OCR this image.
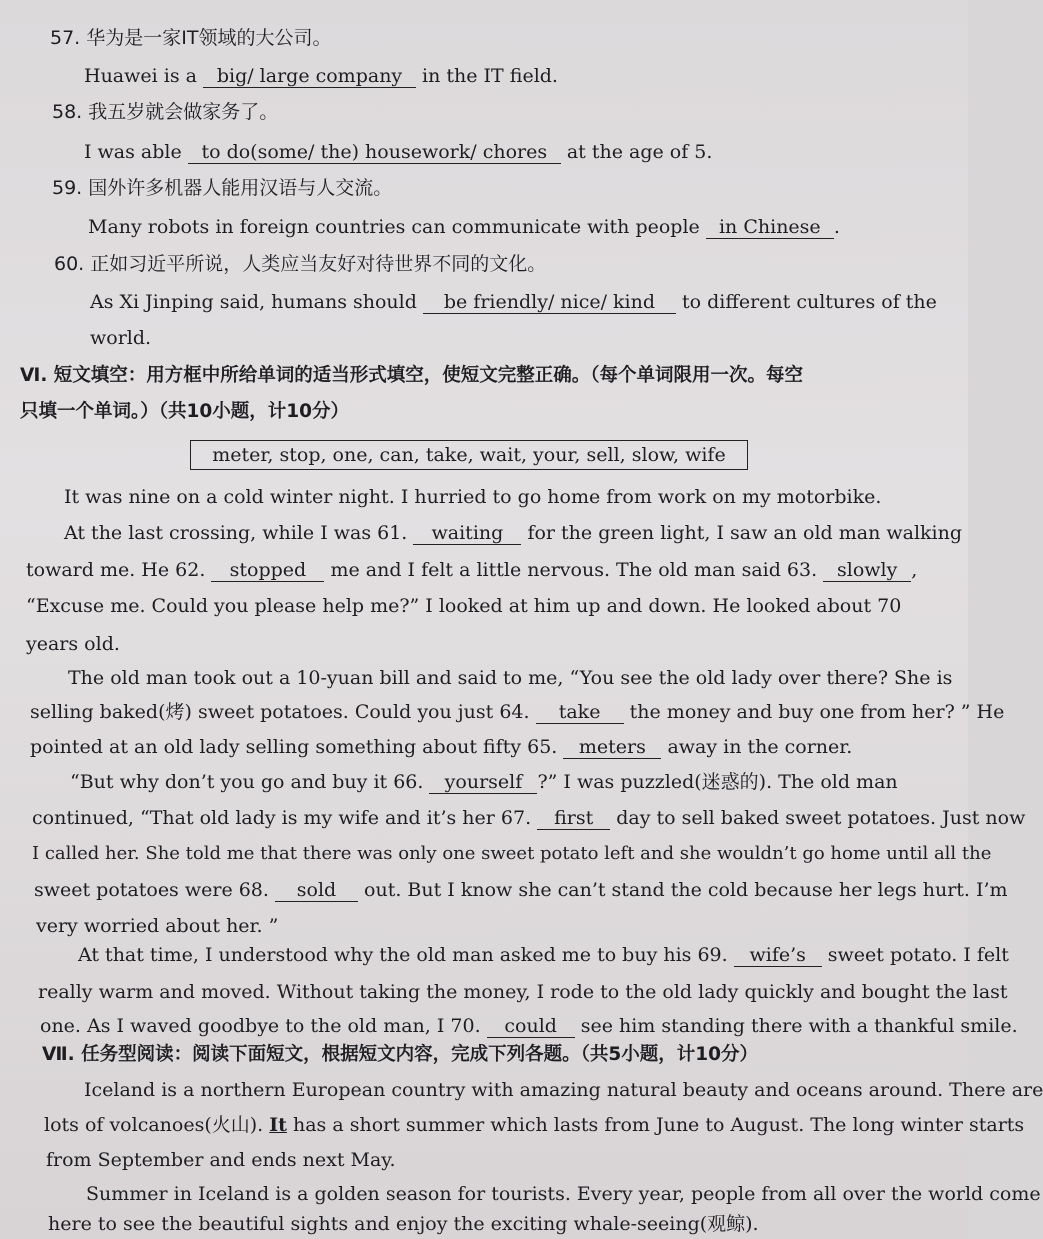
57. 华为是一家IT领域的大公司。
Huawei is a big/ large company in the IT field.
58. 我五岁就会做家务了。
I was able to do(some/ the) housework/ chores at the age of 5.
59. 国外许多机器人能用汉语与人交流。
Many robots in foreign countries can communicate with people in Chinese .
60. 正如习近平所说，人类应当友好对待世界不同的文化。
As Xi Jinping said, humans should be friendly/ nice/ kind to different cultures of the
world.
Ⅵ. 短文填空：用方框中所给单词的适当形式填空，使短文完整正确。（每个单词限用一次。每空
只填一个单词。）（共10小题，计10分）
meter, stop, one, can, take, wait, your, sell, slow, wife
It was nine on a cold winter night. I hurried to go home from work on my motorbike.
At the last crossing, while I was 61. waiting for the green light, I saw an old man walking
toward me. He 62. stopped me and I felt a little nervous. The old man said 63. slowly ,
“Excuse me. Could you please help me?” I looked at him up and down. He looked about 70
years old.
The old man took out a 10-yuan bill and said to me, “You see the old lady over there? She is
selling baked(烤) sweet potatoes. Could you just 64. take the money and buy one from her? ” He
pointed at an old lady selling something about fifty 65. meters away in the corner.
“But why don’t you go and buy it 66. yourself ?” I was puzzled(迷惑的). The old man
continued, “That old lady is my wife and it’s her 67. first day to sell baked sweet potatoes. Just now
I called her. She told me that there was only one sweet potato left and she wouldn’t go home until all the
sweet potatoes were 68. sold out. But I know she can’t stand the cold because her legs hurt. I’m
very worried about her. ”
At that time, I understood why the old man asked me to buy his 69. wife’s sweet potato. I felt
really warm and moved. Without taking the money, I rode to the old lady quickly and bought the last
one. As I waved goodbye to the old man, I 70. could see him standing there with a thankful smile.
Ⅶ. 任务型阅读：阅读下面短文，根据短文内容，完成下列各题。（共5小题，计10分）
Iceland is a northern European country with amazing natural beauty and oceans around. There are
lots of volcanoes(火山). It has a short summer which lasts from June to August. The long winter starts
from September and ends next May.
Summer in Iceland is a golden season for tourists. Every year, people from all over the world come
here to see the beautiful sights and enjoy the exciting whale-seeing(观鲸).
